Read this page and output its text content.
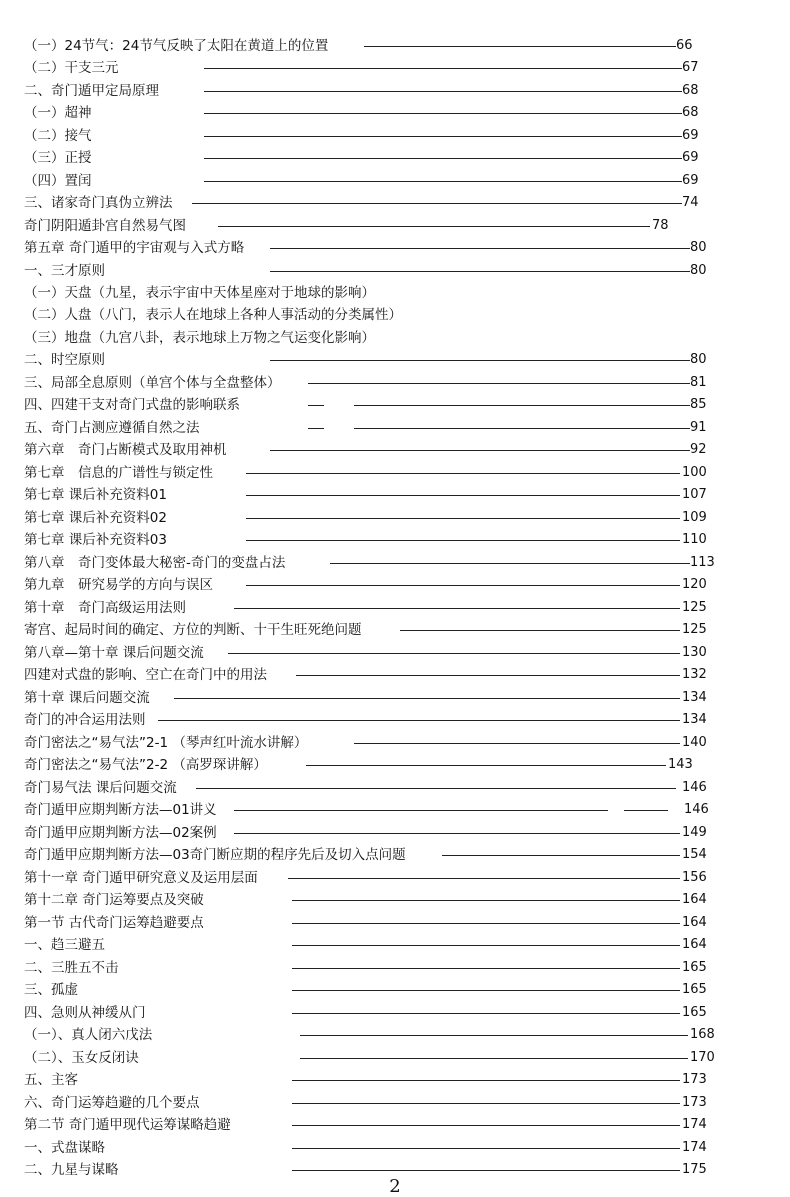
（一）24节气：24节气反映了太阳在黄道上的位置	66
（二）干支三元	67
二、奇门遁甲定局原理	68
（一）超神	68
（二）接气	69
（三）正授	69
（四）置闰	69
三、诸家奇门真伪立辨法	74
奇门阴阳遁卦宫自然易气图	78
第五章 奇门遁甲的宇宙观与入式方略	80
一、三才原则	80
（一）天盘（九星，表示宇宙中天体星座对于地球的影响）
（二）人盘（八门，表示人在地球上各种人事活动的分类属性）
（三）地盘（九宫八卦，表示地球上万物之气运变化影响）
二、时空原则	80
三、局部全息原则（单宫个体与全盘整体）	81
四、四建干支对奇门式盘的影响联系	85
五、奇门占测应遵循自然之法	91
第六章　奇门占断模式及取用神机	92
第七章　信息的广谱性与锁定性	100
第七章 课后补充资料01	107
第七章 课后补充资料02	109
第七章 课后补充资料03	110
第八章　奇门变体最大秘密-奇门的变盘占法	113
第九章　研究易学的方向与误区	120
第十章　奇门高级运用法则	125
寄宫、起局时间的确定、方位的判断、十干生旺死绝问题	125
第八章—第十章 课后问题交流	130
四建对式盘的影响、空亡在奇门中的用法	132
第十章 课后问题交流	134
奇门的冲合运用法则	134
奇门密法之“易气法”2-1 （琴声红叶流水讲解）	140
奇门密法之“易气法”2-2 （高罗琛讲解）	143
奇门易气法 课后问题交流	146
奇门遁甲应期判断方法—01讲义	146
奇门遁甲应期判断方法—02案例	149
奇门遁甲应期判断方法—03奇门断应期的程序先后及切入点问题	154
第十一章 奇门遁甲研究意义及运用层面	156
第十二章 奇门运筹要点及突破	164
第一节 古代奇门运筹趋避要点	164
一、趋三避五	164
二、三胜五不击	165
三、孤虚	165
四、急则从神缓从门	165
（一）、真人闭六戊法	168
（二）、玉女反闭诀	170
五、主客	173
六、奇门运筹趋避的几个要点	173
第二节 奇门遁甲现代运筹谋略趋避	174
一、式盘谋略	174
二、九星与谋略	175
2
